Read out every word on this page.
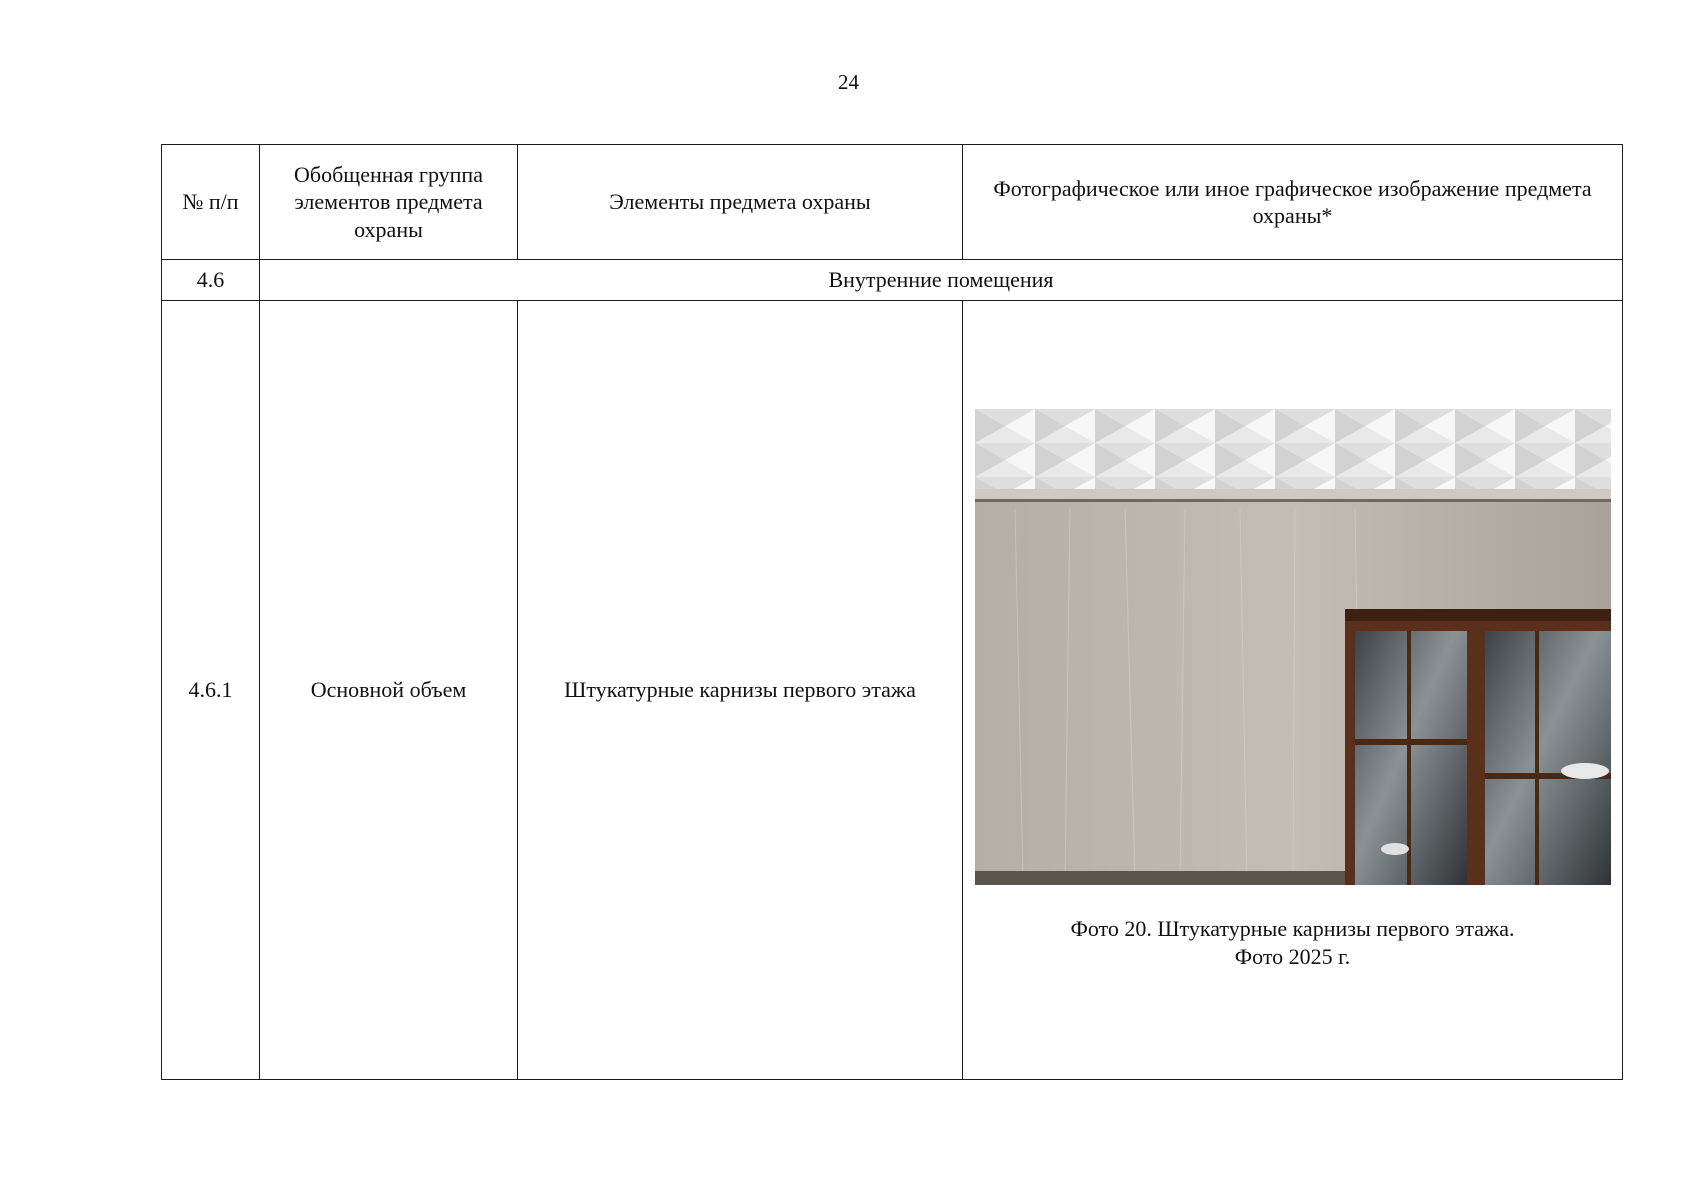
24
№ п/п	Обобщенная группа элементов предмета охраны	Элементы предмета охраны	Фотографическое или иное графическое изображение предмета охраны*
4.6	Внутренние помещения		
4.6.1	Основной объем	Штукатурные карнизы первого этажа	Фото 20. Штукатурные карнизы первого этажа.
Фото 2025 г.
